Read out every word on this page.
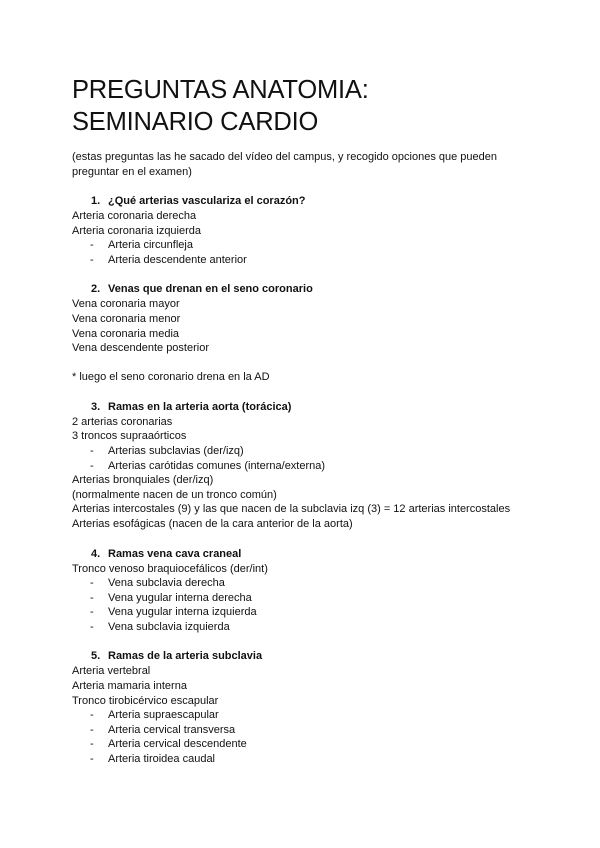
PREGUNTAS ANATOMIA:
SEMINARIO CARDIO
(estas preguntas las he sacado del vídeo del campus, y recogido opciones que pueden preguntar en el examen)
1. ¿Qué arterias vasculariza el corazón?
Arteria coronaria derecha
Arteria coronaria izquierda
- Arteria circunfleja
- Arteria descendente anterior
2. Venas que drenan en el seno coronario
Vena coronaria mayor
Vena coronaria menor
Vena coronaria media
Vena descendente posterior
* luego el seno coronario drena en la AD
3. Ramas en la arteria aorta (torácica)
2 arterias coronarias
3 troncos supraaórticos
- Arterias subclavias (der/izq)
- Arterias carótidas comunes (interna/externa)
Arterias bronquiales (der/izq)
(normalmente nacen de un tronco común)
Arterias intercostales (9) y las que nacen de la subclavia izq (3) = 12 arterias intercostales
Arterias esofágicas (nacen de la cara anterior de la aorta)
4. Ramas vena cava craneal
Tronco venoso braquiocefálicos (der/int)
- Vena subclavia derecha
- Vena yugular interna derecha
- Vena yugular interna izquierda
- Vena subclavia izquierda
5. Ramas de la arteria subclavia
Arteria vertebral
Arteria mamaria interna
Tronco tirobicérvico escapular
- Arteria supraescapular
- Arteria cervical transversa
- Arteria cervical descendente
- Arteria tiroidea caudal
